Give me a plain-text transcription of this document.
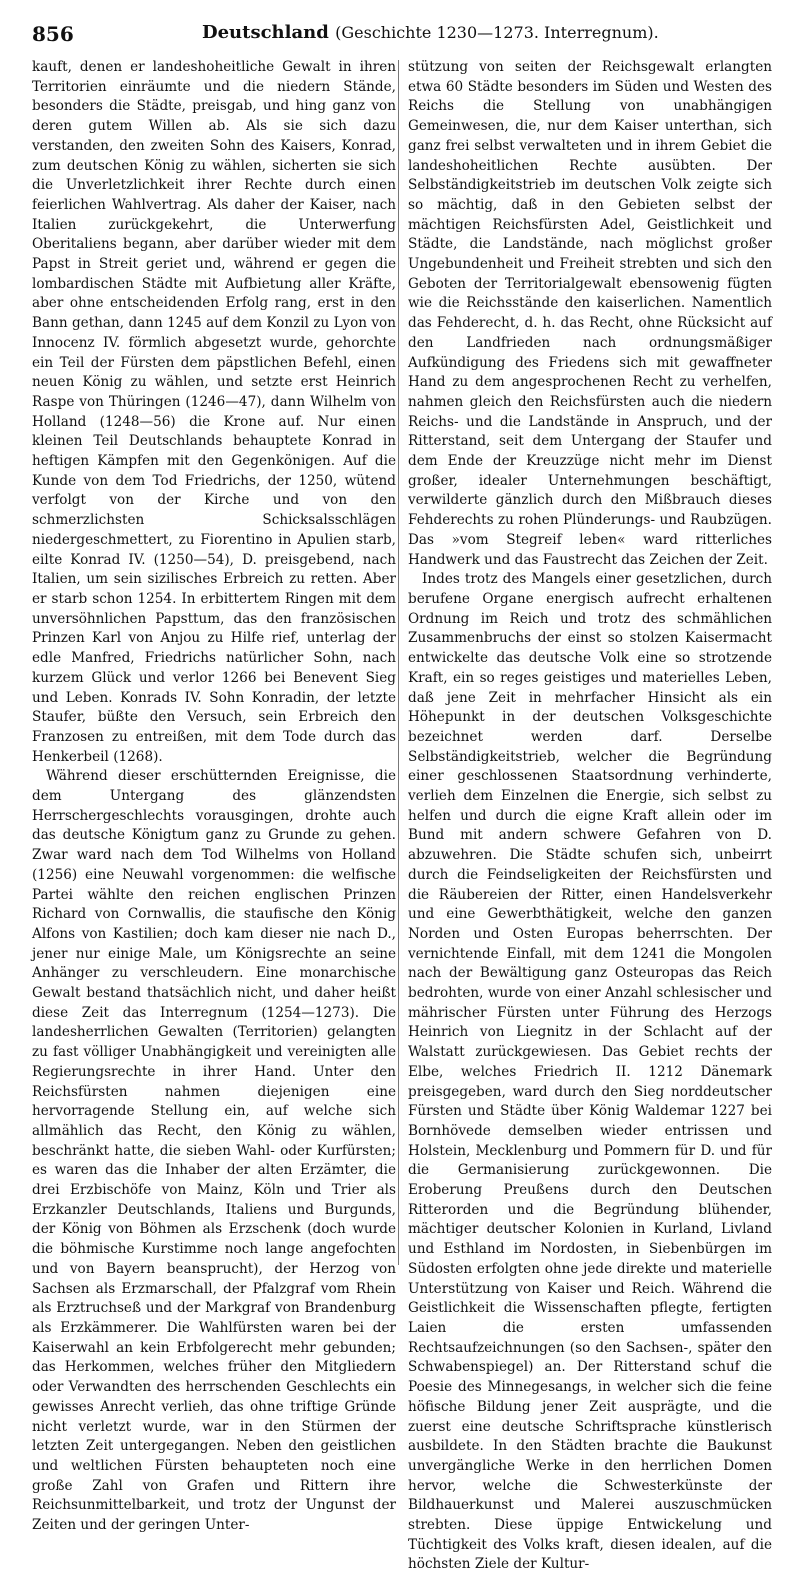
856	Deutschland (Geschichte 1230—1273. Interregnum).

kauft, denen er landeshoheitliche Gewalt in ihren Territorien einräumte und die niedern Stände, besonders die Städte, preisgab, und hing ganz von deren gutem Willen ab. Als sie sich dazu verstanden, den zweiten Sohn des Kaisers, Konrad, zum deutschen König zu wählen, sicherten sie sich die Unverletzlichkeit ihrer Rechte durch einen feierlichen Wahlvertrag. Als daher der Kaiser, nach Italien zurückgekehrt, die Unterwerfung Oberitaliens begann, aber darüber wieder mit dem Papst in Streit geriet und, während er gegen die lombardischen Städte mit Aufbietung aller Kräfte, aber ohne entscheidenden Erfolg rang, erst in den Bann gethan, dann 1245 auf dem Konzil zu Lyon von Innocenz IV. förmlich abgesetzt wurde, gehorchte ein Teil der Fürsten dem päpstlichen Befehl, einen neuen König zu wählen, und setzte erst Heinrich Raspe von Thüringen (1246—47), dann Wilhelm von Holland (1248—56) die Krone auf. Nur einen kleinen Teil Deutschlands behauptete Konrad in heftigen Kämpfen mit den Gegenkönigen. Auf die Kunde von dem Tod Friedrichs, der 1250, wütend verfolgt von der Kirche und von den schmerzlichsten Schicksalsschlägen niedergeschmettert, zu Fiorentino in Apulien starb, eilte Konrad IV. (1250—54), D. preisgebend, nach Italien, um sein sizilisches Erbreich zu retten. Aber er starb schon 1254. In erbittertem Ringen mit dem unversöhnlichen Papsttum, das den französischen Prinzen Karl von Anjou zu Hilfe rief, unterlag der edle Manfred, Friedrichs natürlicher Sohn, nach kurzem Glück und verlor 1266 bei Benevent Sieg und Leben. Konrads IV. Sohn Konradin, der letzte Staufer, büßte den Versuch, sein Erbreich den Franzosen zu entreißen, mit dem Tode durch das Henkerbeil (1268).

Während dieser erschütternden Ereignisse, die dem Untergang des glänzendsten Herrschergeschlechts vorausgingen, drohte auch das deutsche Königtum ganz zu Grunde zu gehen. Zwar ward nach dem Tod Wilhelms von Holland (1256) eine Neuwahl vorgenommen: die welfische Partei wählte den reichen englischen Prinzen Richard von Cornwallis, die staufische den König Alfons von Kastilien; doch kam dieser nie nach D., jener nur einige Male, um Königsrechte an seine Anhänger zu verschleudern. Eine monarchische Gewalt bestand thatsächlich nicht, und daher heißt diese Zeit das Interregnum (1254—1273). Die landesherrlichen Gewalten (Territorien) gelangten zu fast völliger Unabhängigkeit und vereinigten alle Regierungsrechte in ihrer Hand. Unter den Reichsfürsten nahmen diejenigen eine hervorragende Stellung ein, auf welche sich allmählich das Recht, den König zu wählen, beschränkt hatte, die sieben Wahl- oder Kurfürsten; es waren das die Inhaber der alten Erzämter, die drei Erzbischöfe von Mainz, Köln und Trier als Erzkanzler Deutschlands, Italiens und Burgunds, der König von Böhmen als Erzschenk (doch wurde die böhmische Kurstimme noch lange angefochten und von Bayern beansprucht), der Herzog von Sachsen als Erzmarschall, der Pfalzgraf vom Rhein als Erztruchseß und der Markgraf von Brandenburg als Erzkämmerer. Die Wahlfürsten waren bei der Kaiserwahl an kein Erbfolgerecht mehr gebunden; das Herkommen, welches früher den Mitgliedern oder Verwandten des herrschenden Geschlechts ein gewisses Anrecht verlieh, das ohne triftige Gründe nicht verletzt wurde, war in den Stürmen der letzten Zeit untergegangen. Neben den geistlichen und weltlichen Fürsten behaupteten noch eine große Zahl von Grafen und Rittern ihre Reichsunmittelbarkeit, und trotz der Ungunst der Zeiten und der geringen Unter-

stützung von seiten der Reichsgewalt erlangten etwa 60 Städte besonders im Süden und Westen des Reichs die Stellung von unabhängigen Gemeinwesen, die, nur dem Kaiser unterthan, sich ganz frei selbst verwalteten und in ihrem Gebiet die landeshoheitlichen Rechte ausübten. Der Selbständigkeitstrieb im deutschen Volk zeigte sich so mächtig, daß in den Gebieten selbst der mächtigen Reichsfürsten Adel, Geistlichkeit und Städte, die Landstände, nach möglichst großer Ungebundenheit und Freiheit strebten und sich den Geboten der Territorialgewalt ebensowenig fügten wie die Reichsstände den kaiserlichen. Namentlich das Fehderecht, d. h. das Recht, ohne Rücksicht auf den Landfrieden nach ordnungsmäßiger Aufkündigung des Friedens sich mit gewaffneter Hand zu dem angesprochenen Recht zu verhelfen, nahmen gleich den Reichsfürsten auch die niedern Reichs- und die Landstände in Anspruch, und der Ritterstand, seit dem Untergang der Staufer und dem Ende der Kreuzzüge nicht mehr im Dienst großer, idealer Unternehmungen beschäftigt, verwilderte gänzlich durch den Mißbrauch dieses Fehderechts zu rohen Plünderungs- und Raubzügen. Das »vom Stegreif leben« ward ritterliches Handwerk und das Faustrecht das Zeichen der Zeit.

Indes trotz des Mangels einer gesetzlichen, durch berufene Organe energisch aufrecht erhaltenen Ordnung im Reich und trotz des schmählichen Zusammenbruchs der einst so stolzen Kaisermacht entwickelte das deutsche Volk eine so strotzende Kraft, ein so reges geistiges und materielles Leben, daß jene Zeit in mehrfacher Hinsicht als ein Höhepunkt in der deutschen Volksgeschichte bezeichnet werden darf. Derselbe Selbständigkeitstrieb, welcher die Begründung einer geschlossenen Staatsordnung verhinderte, verlieh dem Einzelnen die Energie, sich selbst zu helfen und durch die eigne Kraft allein oder im Bund mit andern schwere Gefahren von D. abzuwehren. Die Städte schufen sich, unbeirrt durch die Feindseligkeiten der Reichsfürsten und die Räubereien der Ritter, einen Handelsverkehr und eine Gewerbthätigkeit, welche den ganzen Norden und Osten Europas beherrschten. Der vernichtende Einfall, mit dem 1241 die Mongolen nach der Bewältigung ganz Osteuropas das Reich bedrohten, wurde von einer Anzahl schlesischer und mährischer Fürsten unter Führung des Herzogs Heinrich von Liegnitz in der Schlacht auf der Walstatt zurückgewiesen. Das Gebiet rechts der Elbe, welches Friedrich II. 1212 Dänemark preisgegeben, ward durch den Sieg norddeutscher Fürsten und Städte über König Waldemar 1227 bei Bornhövede demselben wieder entrissen und Holstein, Mecklenburg und Pommern für D. und für die Germanisierung zurückgewonnen. Die Eroberung Preußens durch den Deutschen Ritterorden und die Begründung blühender, mächtiger deutscher Kolonien in Kurland, Livland und Esthland im Nordosten, in Siebenbürgen im Südosten erfolgten ohne jede direkte und materielle Unterstützung von Kaiser und Reich. Während die Geistlichkeit die Wissenschaften pflegte, fertigten Laien die ersten umfassenden Rechtsaufzeichnungen (so den Sachsen-, später den Schwabenspiegel) an. Der Ritterstand schuf die Poesie des Minnegesangs, in welcher sich die feine höfische Bildung jener Zeit ausprägte, und die zuerst eine deutsche Schriftsprache künstlerisch ausbildete. In den Städten brachte die Baukunst unvergängliche Werke in den herrlichen Domen hervor, welche die Schwesterkünste der Bildhauerkunst und Malerei auszuschmücken strebten. Diese üppige Entwickelung und Tüchtigkeit des Volks kraft, diesen idealen, auf die höchsten Ziele der Kultur-
